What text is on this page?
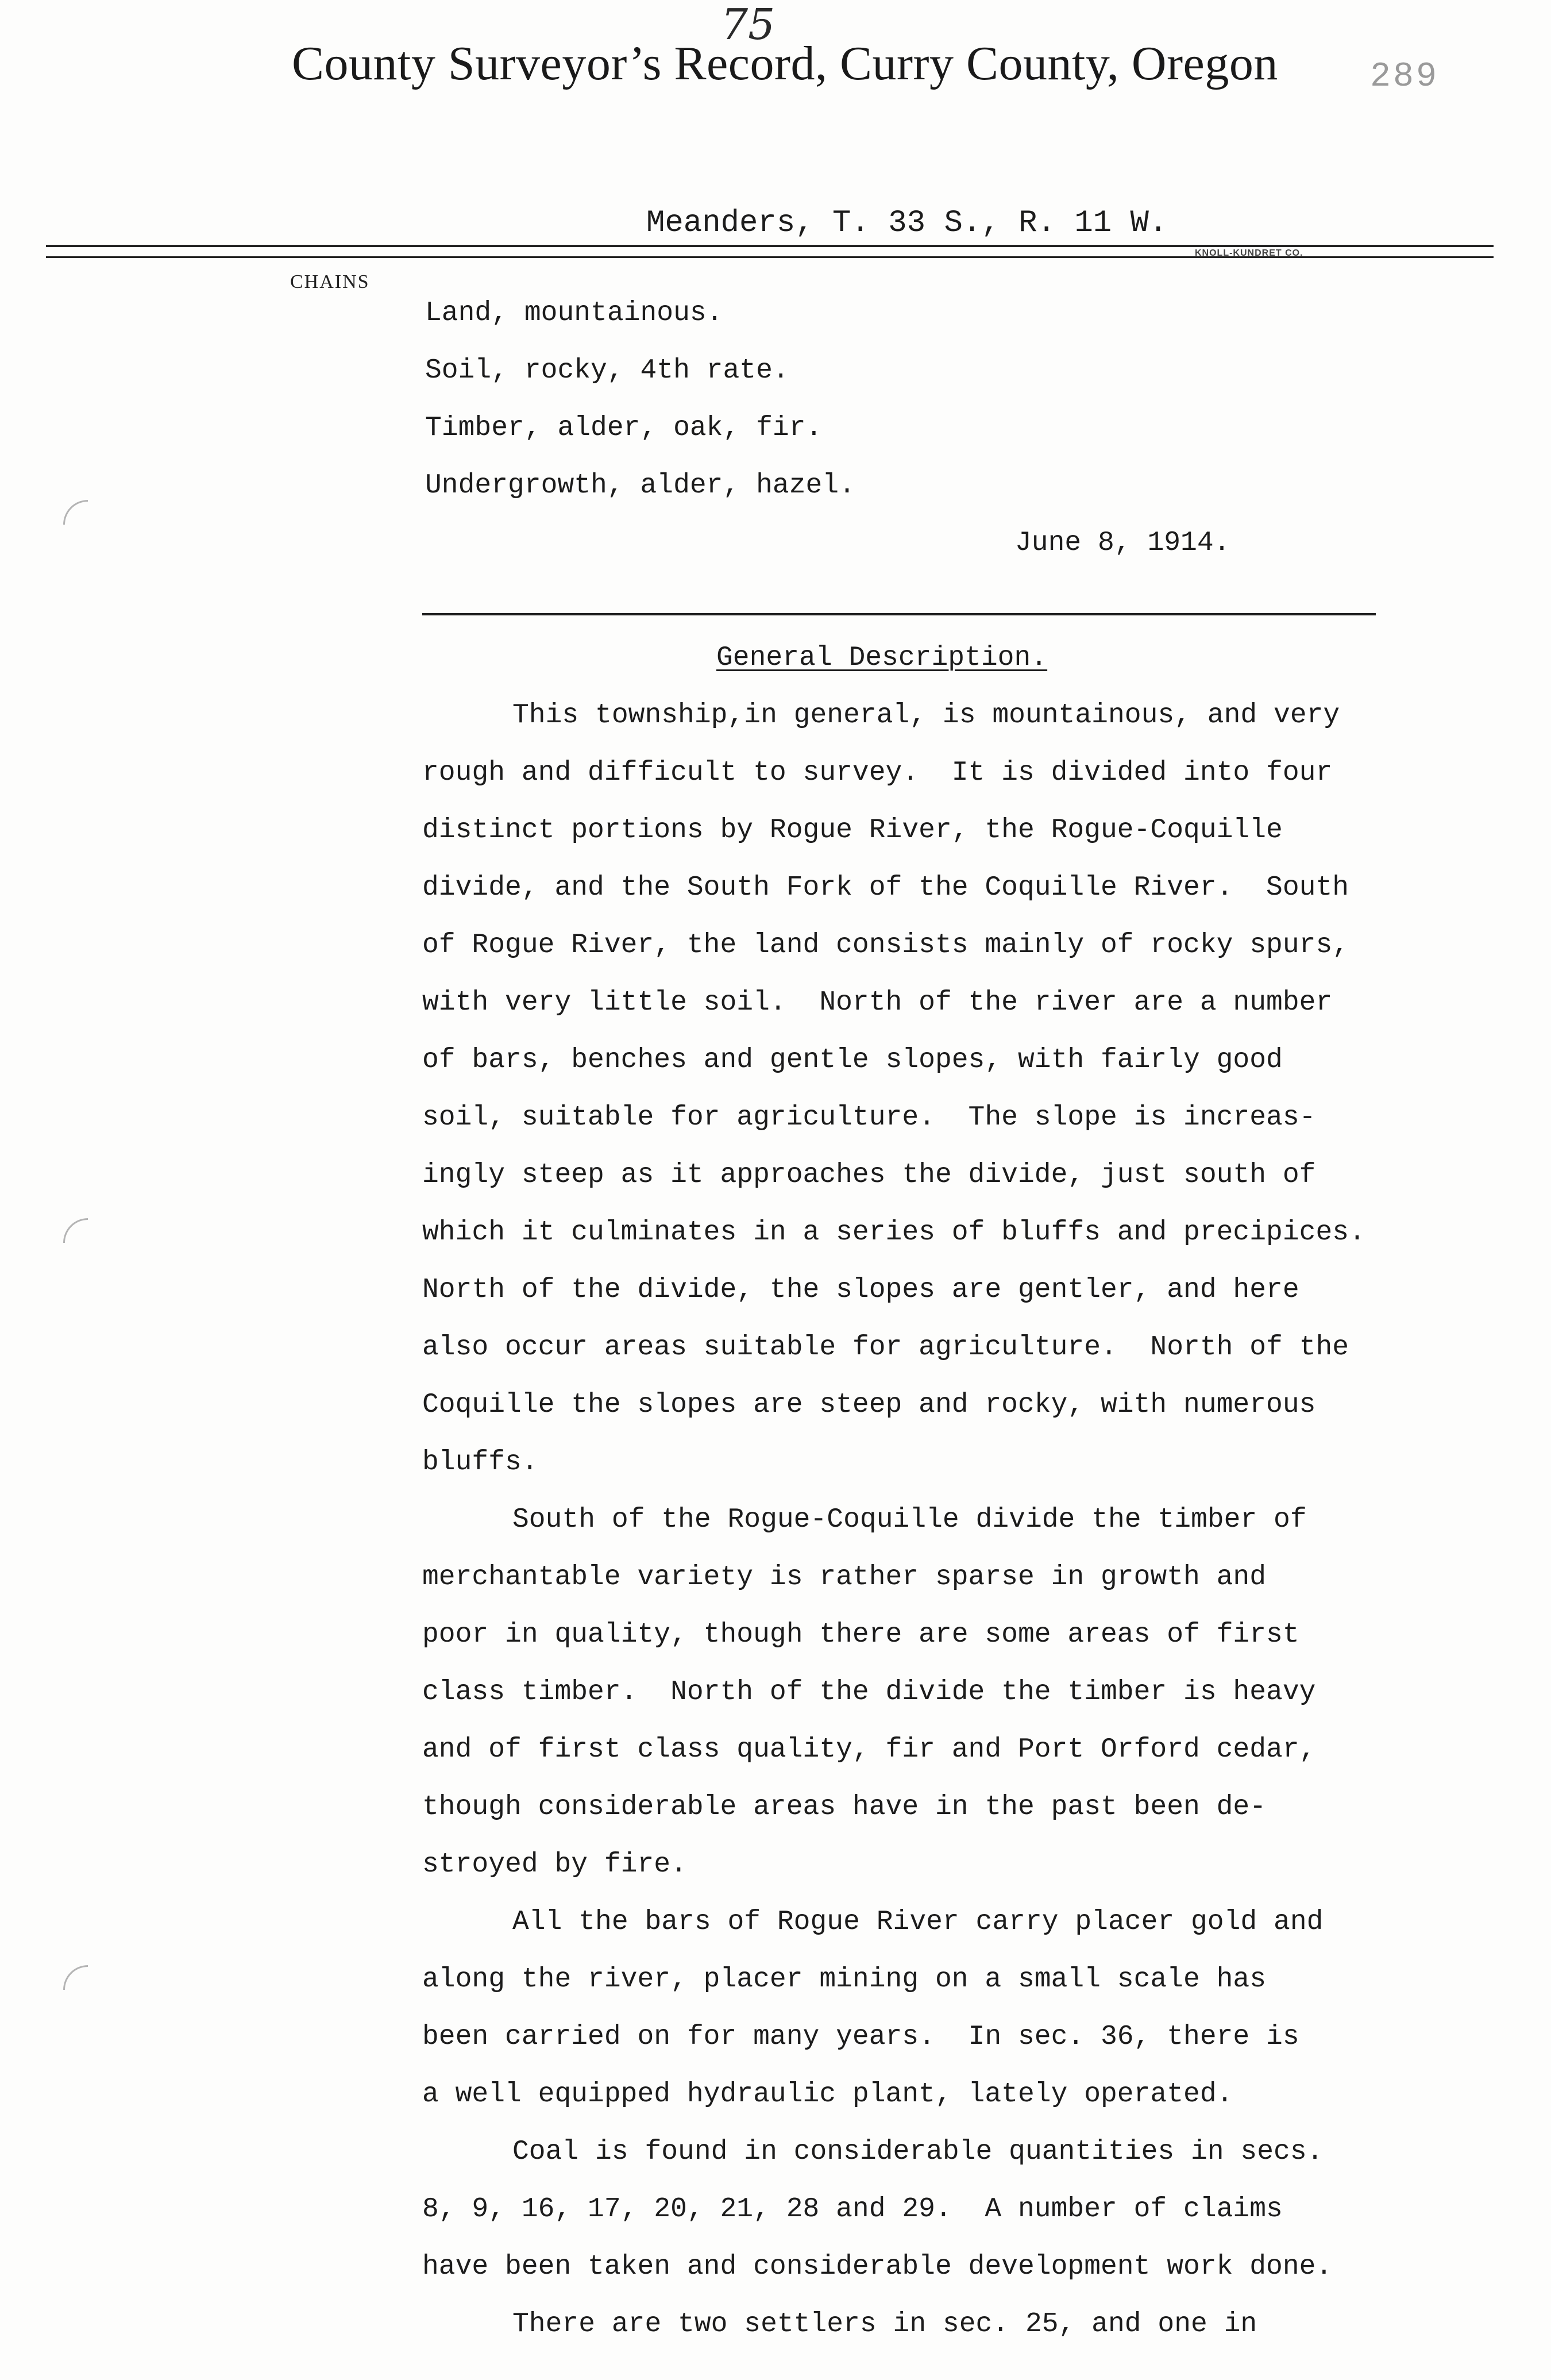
75
County Surveyor’s Record, Curry County, Oregon	289
Meanders, T. 33 S., R. 11 W.
KNOLL-KUNDRET CO.
CHAINS
Land, mountainous.
Soil, rocky, 4th rate.
Timber, alder, oak, fir.
Undergrowth, alder, hazel.
June 8, 1914.
General Description.
This township,in general, is mountainous, and very
rough and difficult to survey.  It is divided into four
distinct portions by Rogue River, the Rogue-Coquille
divide, and the South Fork of the Coquille River.  South
of Rogue River, the land consists mainly of rocky spurs,
with very little soil.  North of the river are a number
of bars, benches and gentle slopes, with fairly good
soil, suitable for agriculture.  The slope is increas-
ingly steep as it approaches the divide, just south of
which it culminates in a series of bluffs and precipices.
North of the divide, the slopes are gentler, and here
also occur areas suitable for agriculture.  North of the
Coquille the slopes are steep and rocky, with numerous
bluffs.
South of the Rogue-Coquille divide the timber of
merchantable variety is rather sparse in growth and
poor in quality, though there are some areas of first
class timber.  North of the divide the timber is heavy
and of first class quality, fir and Port Orford cedar,
though considerable areas have in the past been de-
stroyed by fire.
All the bars of Rogue River carry placer gold and
along the river, placer mining on a small scale has
been carried on for many years.  In sec. 36, there is
a well equipped hydraulic plant, lately operated.
Coal is found in considerable quantities in secs.
8, 9, 16, 17, 20, 21, 28 and 29.  A number of claims
have been taken and considerable development work done.
There are two settlers in sec. 25, and one in
